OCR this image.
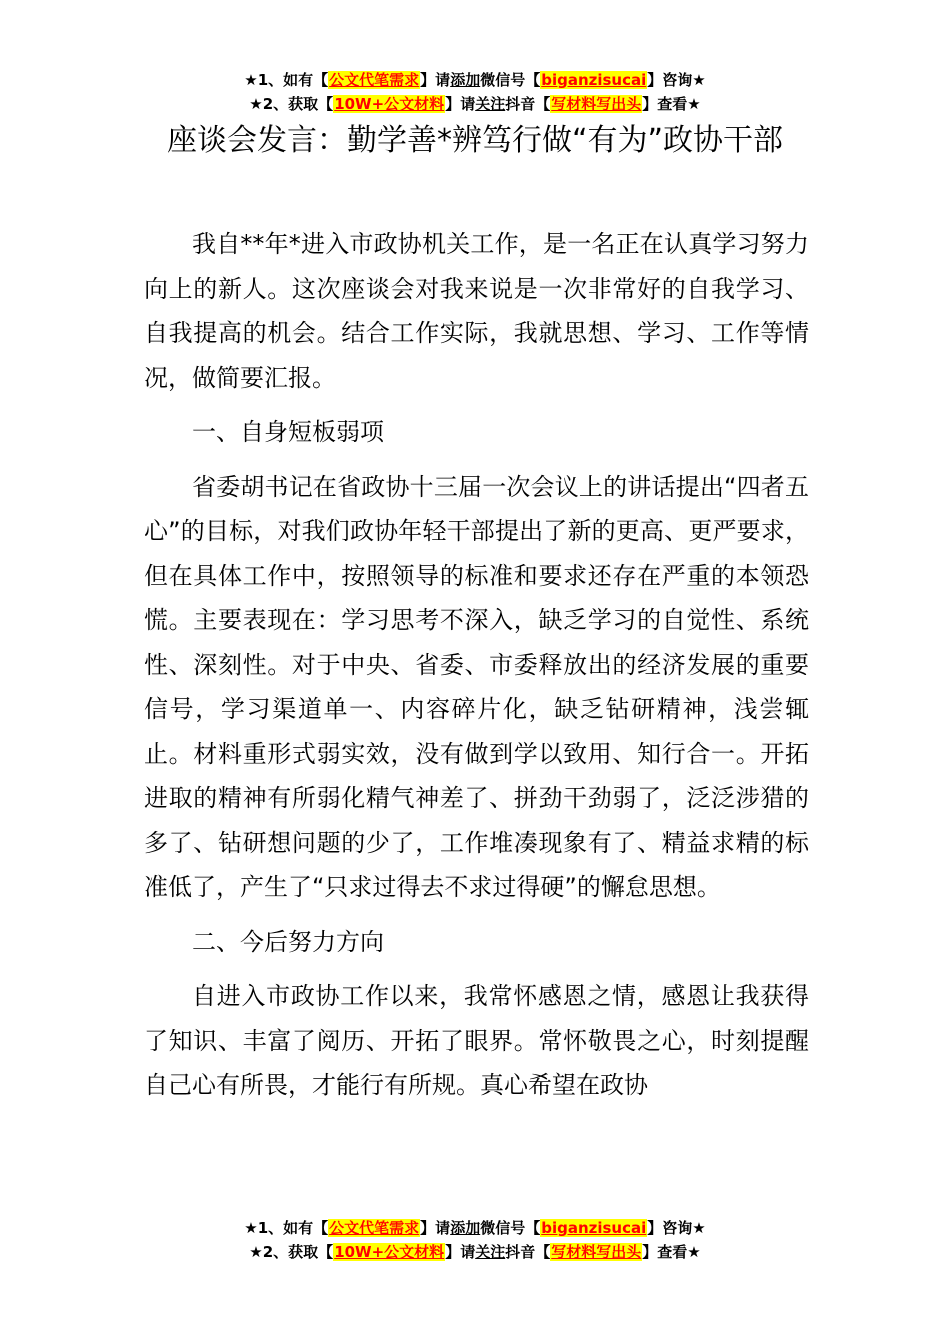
★1、如有【公文代笔需求】请添加微信号【biganzisucai】咨询★
★2、获取【10W+公文材料】请关注抖音【写材料写出头】查看★
座谈会发言：勤学善*辨笃行做“有为”政协干部

我自**年*进入市政协机关工作，是一名正在认真学习努力向上的新人。这次座谈会对我来说是一次非常好的自我学习、自我提高的机会。结合工作实际，我就思想、学习、工作等情况，做简要汇报。

一、自身短板弱项

省委胡书记在省政协十三届一次会议上的讲话提出“四者五心”的目标，对我们政协年轻干部提出了新的更高、更严要求，但在具体工作中，按照领导的标准和要求还存在严重的本领恐慌。主要表现在：学习思考不深入，缺乏学习的自觉性、系统性、深刻性。对于中央、省委、市委释放出的经济发展的重要信号，学习渠道单一、内容碎片化，缺乏钻研精神，浅尝辄止。材料重形式弱实效，没有做到学以致用、知行合一。开拓进取的精神有所弱化精气神差了、拼劲干劲弱了，泛泛涉猎的多了、钻研想问题的少了，工作堆凑现象有了、精益求精的标准低了，产生了“只求过得去不求过得硬”的懈怠思想。

二、今后努力方向

自进入市政协工作以来，我常怀感恩之情，感恩让我获得了知识、丰富了阅历、开拓了眼界。常怀敬畏之心，时刻提醒自己心有所畏，才能行有所规。真心希望在政协

★1、如有【公文代笔需求】请添加微信号【biganzisucai】咨询★
★2、获取【10W+公文材料】请关注抖音【写材料写出头】查看★
